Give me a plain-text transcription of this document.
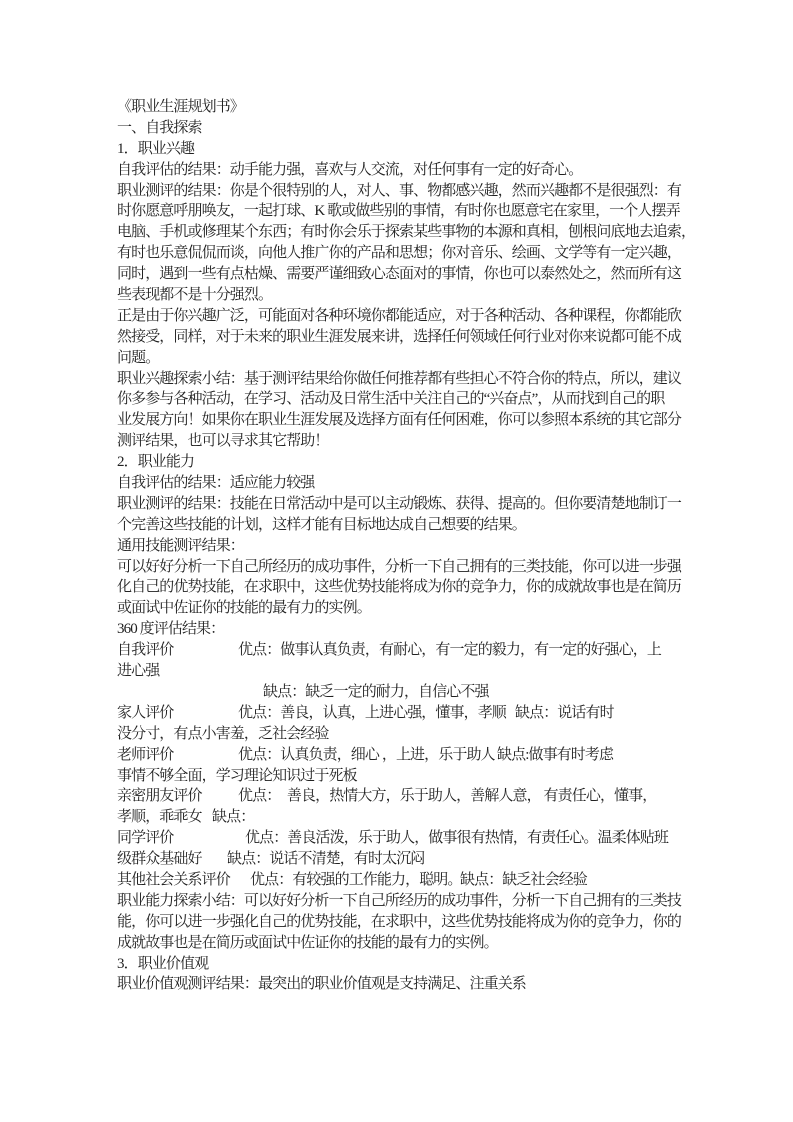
《职业生涯规划书》
一、自我探索
1．职业兴趣
自我评估的结果：动手能力强，喜欢与人交流，对任何事有一定的好奇心。
职业测评的结果：你是个很特别的人，对人、事、物都感兴趣，然而兴趣都不是很强烈：有
时你愿意呼朋唤友，一起打球、K 歌或做些别的事情，有时你也愿意宅在家里，一个人摆弄
电脑、手机或修理某个东西；有时你会乐于探索某些事物的本源和真相，刨根问底地去追索，
有时也乐意侃侃而谈，向他人推广你的产品和思想；你对音乐、绘画、文学等有一定兴趣，
同时，遇到一些有点枯燥、需要严谨细致心态面对的事情，你也可以泰然处之，然而所有这
些表现都不是十分强烈。
正是由于你兴趣广泛，可能面对各种环境你都能适应，对于各种活动、各种课程，你都能欣
然接受，同样，对于未来的职业生涯发展来讲，选择任何领域任何行业对你来说都可能不成
问题。
职业兴趣探索小结：基于测评结果给你做任何推荐都有些担心不符合你的特点，所以，建议
你多参与各种活动，在学习、活动及日常生活中关注自己的“兴奋点”，从而找到自己的职
业发展方向！如果你在职业生涯发展及选择方面有任何困难，你可以参照本系统的其它部分
测评结果，也可以寻求其它帮助！
2．职业能力
自我评估的结果：适应能力较强
职业测评的结果：技能在日常活动中是可以主动锻炼、获得、提高的。但你要清楚地制订一
个完善这些技能的计划，这样才能有目标地达成自己想要的结果。
通用技能测评结果：
可以好好分析一下自己所经历的成功事件，分析一下自己拥有的三类技能，你可以进一步强
化自己的优势技能，在求职中，这些优势技能将成为你的竞争力，你的成就故事也是在简历
或面试中佐证你的技能的最有力的实例。
360 度评估结果：
自我评价	优点：做事认真负责，有耐心，有一定的毅力，有一定的好强心，上
进心强
缺点：缺乏一定的耐力，自信心不强
家人评价	优点：善良，认真，上进心强，懂事，孝顺 缺点：说话有时
没分寸，有点小害羞，乏社会经验
老师评价	优点：认真负责，细心 ，上进，乐于助人 缺点:做事有时考虑
事情不够全面，学习理论知识过于死板
亲密朋友评价 优点：　善良，热情大方，乐于助人，善解人意， 有责任心，懂事，
孝顺，乖乖女 缺点：
同学评价	优点：善良活泼，乐于助人，做事很有热情，有责任心。温柔体贴班
级群众基础好 缺点：说话不清楚，有时太沉闷
其他社会关系评价 优点：有较强的工作能力，聪明。
缺点：缺乏社会经验
职业能力探索小结：可以好好分析一下自己所经历的成功事件，分析一下自己拥有的三类技
能，你可以进一步强化自己的优势技能，在求职中，这些优势技能将成为你的竞争力，你的
成就故事也是在简历或面试中佐证你的技能的最有力的实例。
3．职业价值观
职业价值观测评结果：最突出的职业价值观是支持满足、注重关系
